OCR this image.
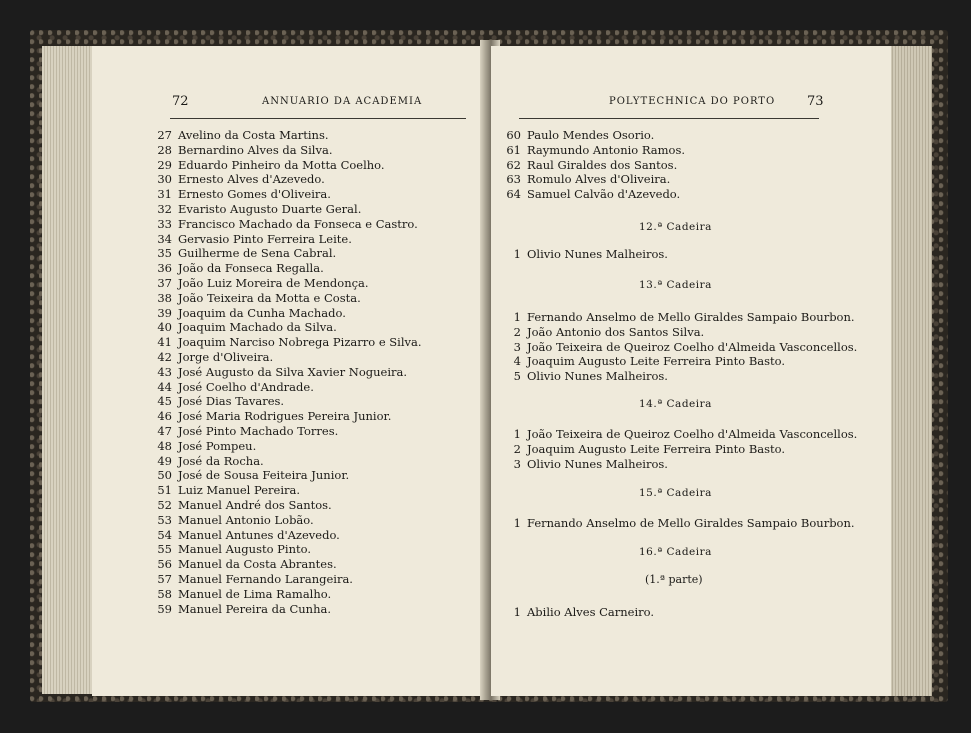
72	ANNUARIO DA ACADEMIA
27 Avelino da Costa Martins.
28 Bernardino Alves da Silva.
29 Eduardo Pinheiro da Motta Coelho.
30 Ernesto Alves d'Azevedo.
31 Ernesto Gomes d'Oliveira.
32 Evaristo Augusto Duarte Geral.
33 Francisco Machado da Fonseca e Castro.
34 Gervasio Pinto Ferreira Leite.
35 Guilherme de Sena Cabral.
36 João da Fonseca Regalla.
37 João Luiz Moreira de Mendonça.
38 João Teixeira da Motta e Costa.
39 Joaquim da Cunha Machado.
40 Joaquim Machado da Silva.
41 Joaquim Narciso Nobrega Pizarro e Silva.
42 Jorge d'Oliveira.
43 José Augusto da Silva Xavier Nogueira.
44 José Coelho d'Andrade.
45 José Dias Tavares.
46 José Maria Rodrigues Pereira Junior.
47 José Pinto Machado Torres.
48 José Pompeu.
49 José da Rocha.
50 José de Sousa Feiteira Junior.
51 Luiz Manuel Pereira.
52 Manuel André dos Santos.
53 Manuel Antonio Lobão.
54 Manuel Antunes d'Azevedo.
55 Manuel Augusto Pinto.
56 Manuel da Costa Abrantes.
57 Manuel Fernando Larangeira.
58 Manuel de Lima Ramalho.
59 Manuel Pereira da Cunha.
POLYTECHNICA DO PORTO 73
60 Paulo Mendes Osorio.
61 Raymundo Antonio Ramos.
62 Raul Giraldes dos Santos.
63 Romulo Alves d'Oliveira.
64 Samuel Calvão d'Azevedo.
12.ª Cadeira
1 Olivio Nunes Malheiros.
13.ª Cadeira
1 Fernando Anselmo de Mello Giraldes Sampaio Bourbon.
2 João Antonio dos Santos Silva.
3 João Teixeira de Queiroz Coelho d'Almeida Vasconcellos.
4 Joaquim Augusto Leite Ferreira Pinto Basto.
5 Olivio Nunes Malheiros.
14.ª Cadeira
1 João Teixeira de Queiroz Coelho d'Almeida Vasconcellos.
2 Joaquim Augusto Leite Ferreira Pinto Basto.
3 Olivio Nunes Malheiros.
15.ª Cadeira
1 Fernando Anselmo de Mello Giraldes Sampaio Bourbon.
16.ª Cadeira
(1.ª parte)
1 Abilio Alves Carneiro.
